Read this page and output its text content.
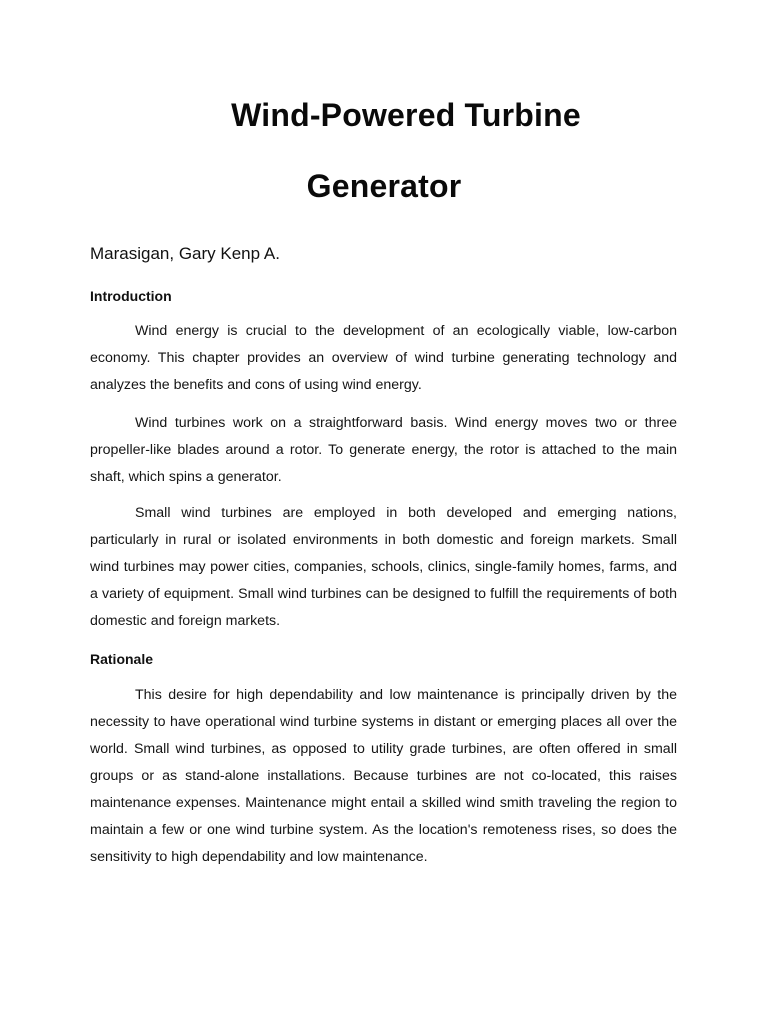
Wind-Powered Turbine
Generator
Marasigan, Gary Kenp A.
Introduction

Wind energy is crucial to the development of an ecologically viable, low-carbon economy. This chapter provides an overview of wind turbine generating technology and analyzes the benefits and cons of using wind energy.

Wind turbines work on a straightforward basis. Wind energy moves two or three propeller-like blades around a rotor. To generate energy, the rotor is attached to the main shaft, which spins a generator.

Small wind turbines are employed in both developed and emerging nations, particularly in rural or isolated environments in both domestic and foreign markets. Small wind turbines may power cities, companies, schools, clinics, single-family homes, farms, and a variety of equipment. Small wind turbines can be designed to fulfill the requirements of both domestic and foreign markets.

Rationale

This desire for high dependability and low maintenance is principally driven by the necessity to have operational wind turbine systems in distant or emerging places all over the world. Small wind turbines, as opposed to utility grade turbines, are often offered in small groups or as stand-alone installations. Because turbines are not co-located, this raises maintenance expenses. Maintenance might entail a skilled wind smith traveling the region to maintain a few or one wind turbine system. As the location's remoteness rises, so does the sensitivity to high dependability and low maintenance.
